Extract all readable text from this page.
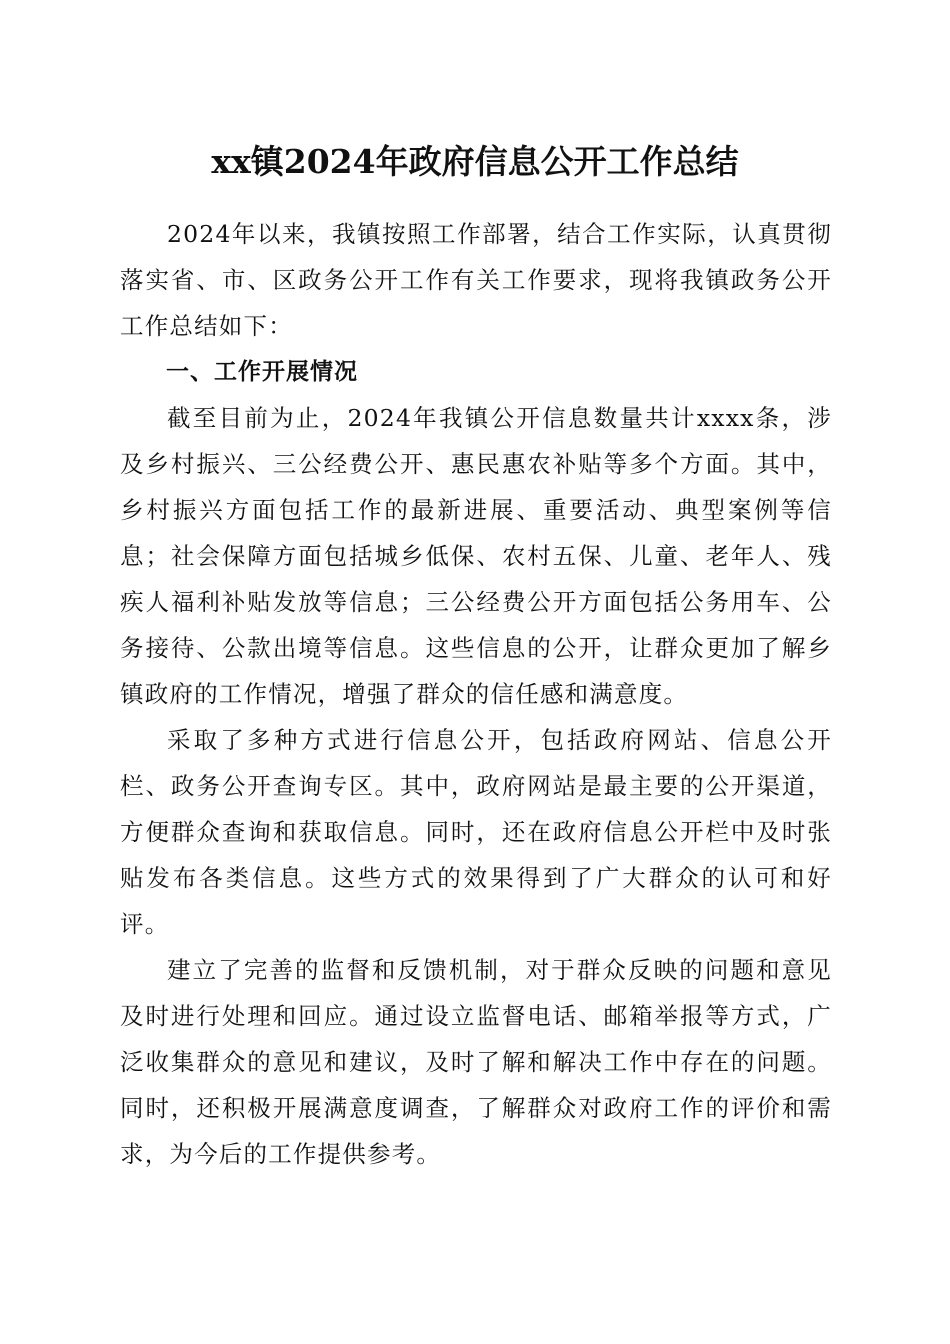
xx镇2024年政府信息公开工作总结

2024年以来，我镇按照工作部署，结合工作实际，认真贯彻落实省、市、区政务公开工作有关工作要求，现将我镇政务公开工作总结如下：

一、工作开展情况

截至目前为止，2024年我镇公开信息数量共计xxxx条，涉及乡村振兴、三公经费公开、惠民惠农补贴等多个方面。其中，乡村振兴方面包括工作的最新进展、重要活动、典型案例等信息；社会保障方面包括城乡低保、农村五保、儿童、老年人、残疾人福利补贴发放等信息；三公经费公开方面包括公务用车、公务接待、公款出境等信息。这些信息的公开，让群众更加了解乡镇政府的工作情况，增强了群众的信任感和满意度。

采取了多种方式进行信息公开，包括政府网站、信息公开栏、政务公开查询专区。其中，政府网站是最主要的公开渠道，方便群众查询和获取信息。同时，还在政府信息公开栏中及时张贴发布各类信息。这些方式的效果得到了广大群众的认可和好评。

建立了完善的监督和反馈机制，对于群众反映的问题和意见及时进行处理和回应。通过设立监督电话、邮箱举报等方式，广泛收集群众的意见和建议，及时了解和解决工作中存在的问题。同时，还积极开展满意度调查，了解群众对政府工作的评价和需求，为今后的工作提供参考。
